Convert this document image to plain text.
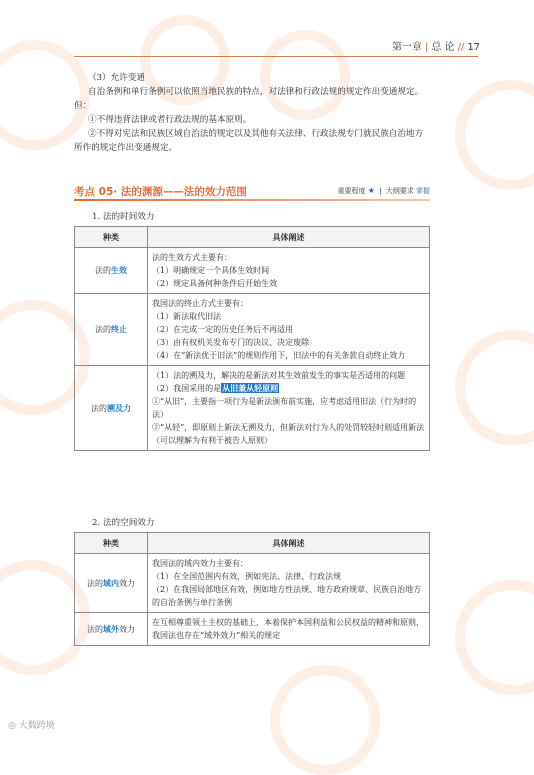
第一章 | 总 论 // 17

（3）允许变通

自治条例和单行条例可以依照当地民族的特点，对法律和行政法规的规定作出变通规定。但：

①不得违背法律或者行政法规的基本原则。

②不得对宪法和民族区域自治法的规定以及其他有关法律、行政法规专门就民族自治地方所作的规定作出变通规定。

考点 05· 法的渊源——法的效力范围	重要程度 ★ | 大纲要求 掌握
1. 法的时间效力
种类	具体阐述
法的生效	法的生效方式主要有：
（1）明确规定一个具体生效时间
（2）规定具备何种条件后开始生效

法的终止	我国法的终止方式主要有：
（1）新法取代旧法
（2）在完成一定的历史任务后不再适用
（3）由有权机关发布专门的决议、决定废除
（4）在“新法优于旧法”的规则作用下，旧法中的有关条款自动终止效力

法的溯及力	（1）法的溯及力，解决的是新法对其生效前发生的事实是否适用的问题
（2）我国采用的是从旧兼从轻原则
①“从旧”，主要指一项行为是新法颁布前实施，应考虑适用旧法（行为时的法）
②“从轻”，即原则上新法无溯及力，但新法对行为人的处罚较轻时则适用新法（可以理解为有利于被告人原则）
2. 法的空间效力
种类	具体阐述
法的域内效力	我国法的域内效力主要有：
（1）在全国范围内有效，例如宪法、法律、行政法规
（2）在我国局部地区有效，例如地方性法规、地方政府规章、民族自治地方的自治条例与单行条例

法的域外效力	在互相尊重领土主权的基础上，本着保护本国利益和公民权益的精神和原则，我国法也存在“域外效力”相关的规定
◎ 大数跨境
